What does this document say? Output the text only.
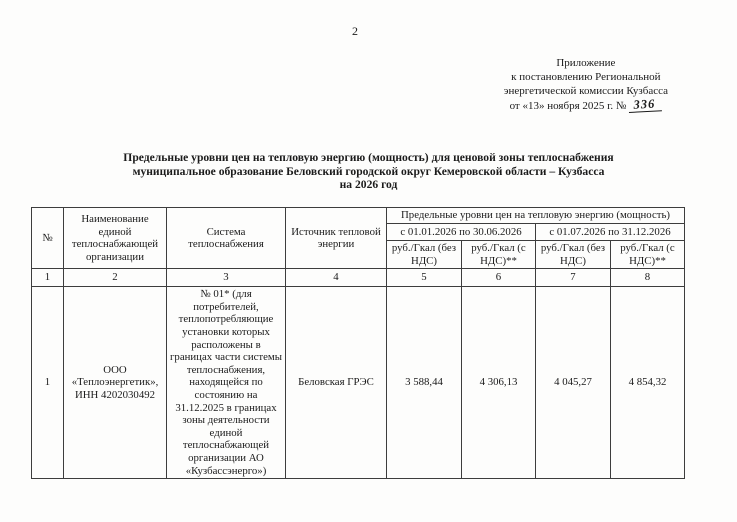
2
Приложение
к постановлению Региональной
энергетической комиссии Кузбасса
от «13» ноября 2025 г. № 336
Предельные уровни цен на тепловую энергию (мощность) для ценовой зоны теплоснабжения
муниципальное образование Беловский городской округ Кемеровской области – Кузбасса
на 2026 год
№	Наименование единой теплоснабжающей организации	Система теплоснабжения	Источник тепловой энергии	Предельные уровни цен на тепловую энергию (мощность)			
				с 01.01.2026 по 30.06.2026		с 01.07.2026 по 31.12.2026	
				руб./Гкал (без НДС)	руб./Гкал (с НДС)**	руб./Гкал (без НДС)	руб./Гкал (с НДС)**
1	2	3	4	5	6	7	8
1	ООО «Теплоэнергетик», ИНН 4202030492	№ 01* (для потребителей, теплопотребляющие установки которых расположены в границах части системы теплоснабжения, находящейся по состоянию на 31.12.2025 в границах зоны деятельности единой теплоснабжающей организации АО «Кузбассэнерго»)	Беловская ГРЭС	3 588,44	4 306,13	4 045,27	4 854,32
